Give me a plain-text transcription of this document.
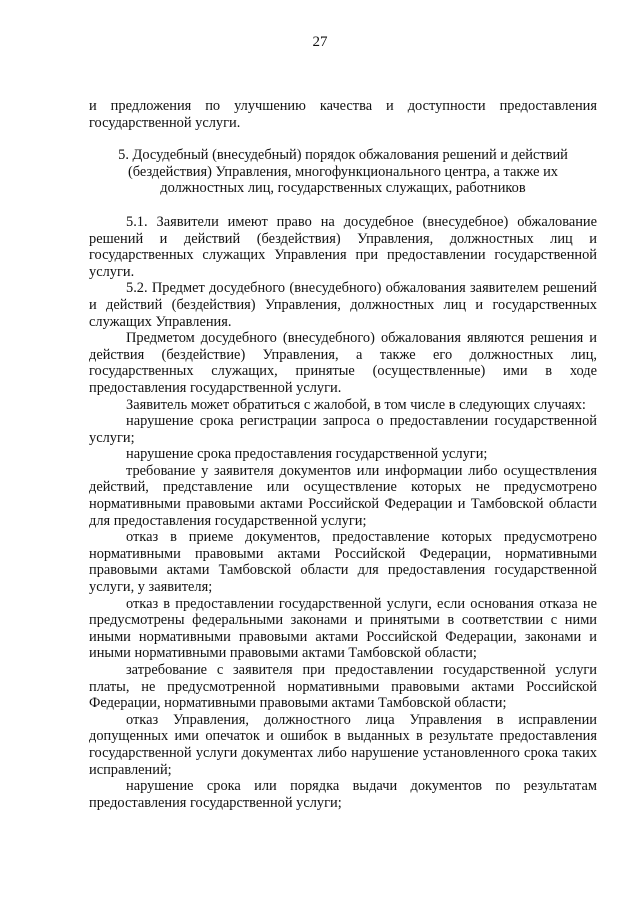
27

и предложения по улучшению качества и доступности предоставления государственной услуги.

5. Досудебный (внесудебный) порядок обжалования решений и действий (бездействия) Управления, многофункционального центра, а также их должностных лиц, государственных служащих, работников

5.1. Заявители имеют право на досудебное (внесудебное) обжалование решений и действий (бездействия) Управления, должностных лиц и государственных служащих Управления при предоставлении государственной услуги.

5.2. Предмет досудебного (внесудебного) обжалования заявителем решений и действий (бездействия) Управления, должностных лиц и государственных служащих Управления.

Предметом досудебного (внесудебного) обжалования являются решения и действия (бездействие) Управления, а также его должностных лиц, государственных служащих, принятые (осуществленные) ими в ходе предоставления государственной услуги.

Заявитель может обратиться с жалобой, в том числе в следующих случаях:

нарушение срока регистрации запроса о предоставлении государственной услуги;

нарушение срока предоставления государственной услуги;

требование у заявителя документов или информации либо осуществления действий, представление или осуществление которых не предусмотрено нормативными правовыми актами Российской Федерации и Тамбовской области для предоставления государственной услуги;

отказ в приеме документов, предоставление которых предусмотрено нормативными правовыми актами Российской Федерации, нормативными правовыми актами Тамбовской области для предоставления государственной услуги, у заявителя;

отказ в предоставлении государственной услуги, если основания отказа не предусмотрены федеральными законами и принятыми в соответствии с ними иными нормативными правовыми актами Российской Федерации, законами и иными нормативными правовыми актами Тамбовской области;

затребование с заявителя при предоставлении государственной услуги платы, не предусмотренной нормативными правовыми актами Российской Федерации, нормативными правовыми актами Тамбовской области;

отказ Управления, должностного лица Управления в исправлении допущенных ими опечаток и ошибок в выданных в результате предоставления государственной услуги документах либо нарушение установленного срока таких исправлений;

нарушение срока или порядка выдачи документов по результатам предоставления государственной услуги;
